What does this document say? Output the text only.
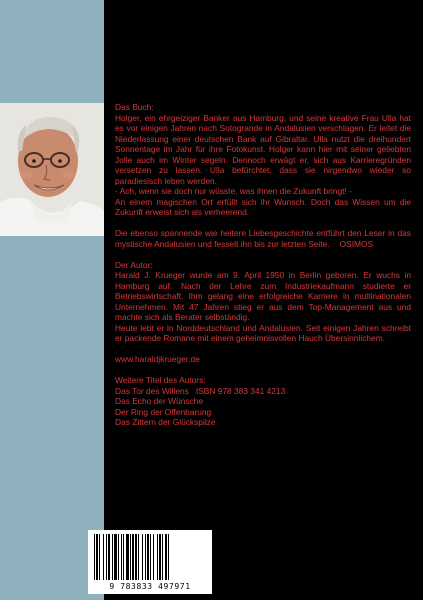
Das Buch:

Holger, ein ehrgeiziger Banker aus Hamburg, und seine kreative Frau Ulla hat es vor einigen Jahren nach Sotogrande in Andalusien verschlagen. Er leitet die Niederlassung einer deutschen Bank auf Gibraltar. Ulla nutzt die dreihundert Sonnentage im Jahr für ihre Fotokunst. Holger kann hier mit seiner geliebten Jolle auch im Winter segeln. Dennoch erwägt er, sich aus Karrieregründen versetzen zu lassen. Ulla befürchtet, dass sie nirgendwo wieder so paradiesisch leben werden.

- Ach, wenn sie doch nur wüsste, was ihnen die Zukunft bringt! -

An einem magischen Ort erfüllt sich ihr Wunsch. Doch das Wissen um die Zukunft erweist sich als verheerend.

Die ebenso spannende wie heitere Liebesgeschichte entführt den Leser in das mystische Andalusien und fesselt ihn bis zur letzten Seite. OSIMOS

Der Autor:

Harald J. Krueger wurde am 9. April 1950 in Berlin geboren. Er wuchs in Hamburg auf. Nach der Lehre zum Industriekaufmann studierte er Betriebswirtschaft. Ihm gelang eine erfolgreiche Karriere in multinationalen Unternehmen. Mit 47 Jahren stieg er aus dem Top-Management aus und machte sich als Berater selbständig.

Heute lebt er in Norddeutschland und Andalusien. Seit einigen Jahren schreibt er packende Romane mit einem geheimnisvollen Hauch Übersinnlichem.

www.haraldjkrueger.de

Weitere Titel des Autors:

Das Tor des Willens   ISBN 978 383 341 4213

Das Echo der Wünsche

Der Ring der Offenbarung

Das Zittern der Glückspilze

9 783833 497971
